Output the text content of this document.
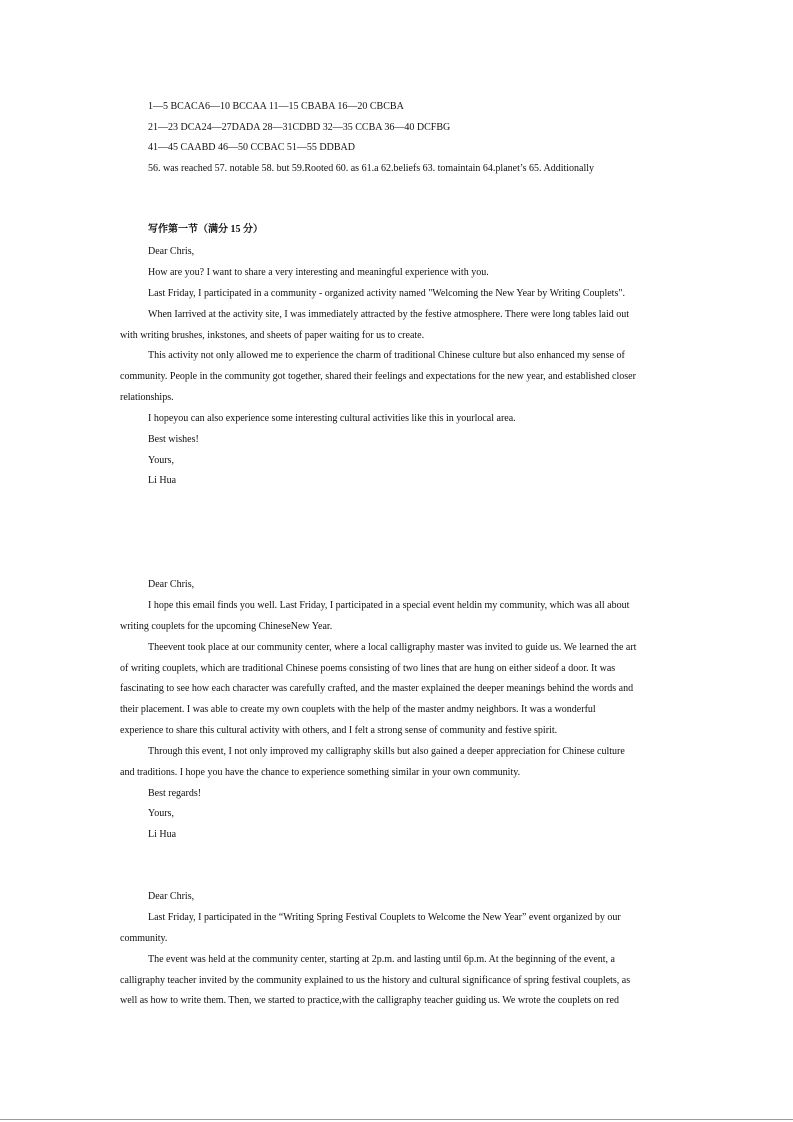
1—5 BCACA6—10 BCCAA 11—15 CBABA 16—20 CBCBA
21—23 DCA24—27DADA 28—31CDBD 32—35 CCBA 36—40 DCFBG
41—45 CAABD 46—50 CCBAC 51—55 DDBAD
56. was reached 57. notable 58. but 59.Rooted 60. as 61.a 62.beliefs 63. tomaintain 64.planet’s 65. Additionally
写作第一节（满分 15 分）
Dear Chris,
How are you? I want to share a very interesting and meaningful experience with you.
Last Friday, I participated in a community - organized activity named "Welcoming the New Year by Writing Couplets".
When Iarrived at the activity site, I was immediately attracted by the festive atmosphere. There were long tables laid out
with writing brushes, inkstones, and sheets of paper waiting for us to create.
This activity not only allowed me to experience the charm of traditional Chinese culture but also enhanced my sense of
community. People in the community got together, shared their feelings and expectations for the new year, and established closer
relationships.
I hopeyou can also experience some interesting cultural activities like this in yourlocal area.
Best wishes!
Yours,
Li Hua
Dear Chris,
I hope this email finds you well. Last Friday, I participated in a special event heldin my community, which was all about
writing couplets for the upcoming ChineseNew Year.
Theevent took place at our community center, where a local calligraphy master was invited to guide us. We learned the art
of writing couplets, which are traditional Chinese poems consisting of two lines that are hung on either sideof a door. It was
fascinating to see how each character was carefully crafted, and the master explained the deeper meanings behind the words and
their placement. I was able to create my own couplets with the help of the master andmy neighbors. It was a wonderful
experience to share this cultural activity with others, and I felt a strong sense of community and festive spirit.
Through this event, I not only improved my calligraphy skills but also gained a deeper appreciation for Chinese culture
and traditions. I hope you have the chance to experience something similar in your own community.
Best regards!
Yours,
Li Hua
Dear Chris,
Last Friday, I participated in the “Writing Spring Festival Couplets to Welcome the New Year” event organized by our
community.
The event was held at the community center, starting at 2p.m. and lasting until 6p.m. At the beginning of the event, a
calligraphy teacher invited by the community explained to us the history and cultural significance of spring festival couplets, as
well as how to write them. Then, we started to practice,with the calligraphy teacher guiding us. We wrote the couplets on red
